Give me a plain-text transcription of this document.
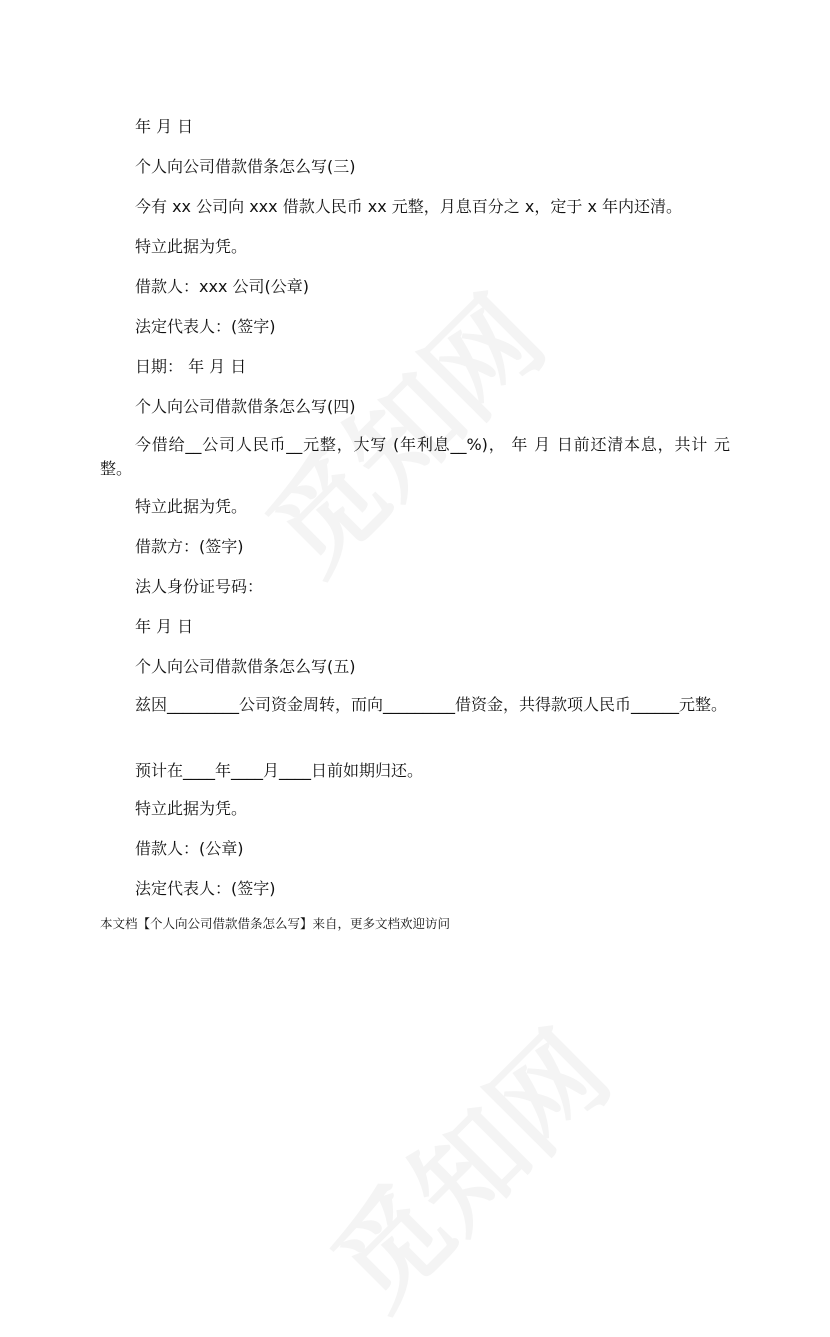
年 月 日

个人向公司借款借条怎么写(三)

今有 xx 公司向 xxx 借款人民币 xx 元整，月息百分之 x，定于 x 年内还清。

特立此据为凭。

借款人：xxx 公司(公章)

法定代表人：(签字)

日期： 年 月 日

个人向公司借款借条怎么写(四)

今借给__公司人民币__元整，大写 (年利息__%)， 年 月 日前还清本息，共计 元整。

特立此据为凭。

借款方：(签字)

法人身份证号码：

年 月 日

个人向公司借款借条怎么写(五)

兹因_________公司资金周转，而向_________借资金，共得款项人民币______元整。

预计在____年____月____日前如期归还。

特立此据为凭。

借款人：(公章)

法定代表人：(签字)

本文档【个人向公司借款借条怎么写】来自，更多文档欢迎访问
